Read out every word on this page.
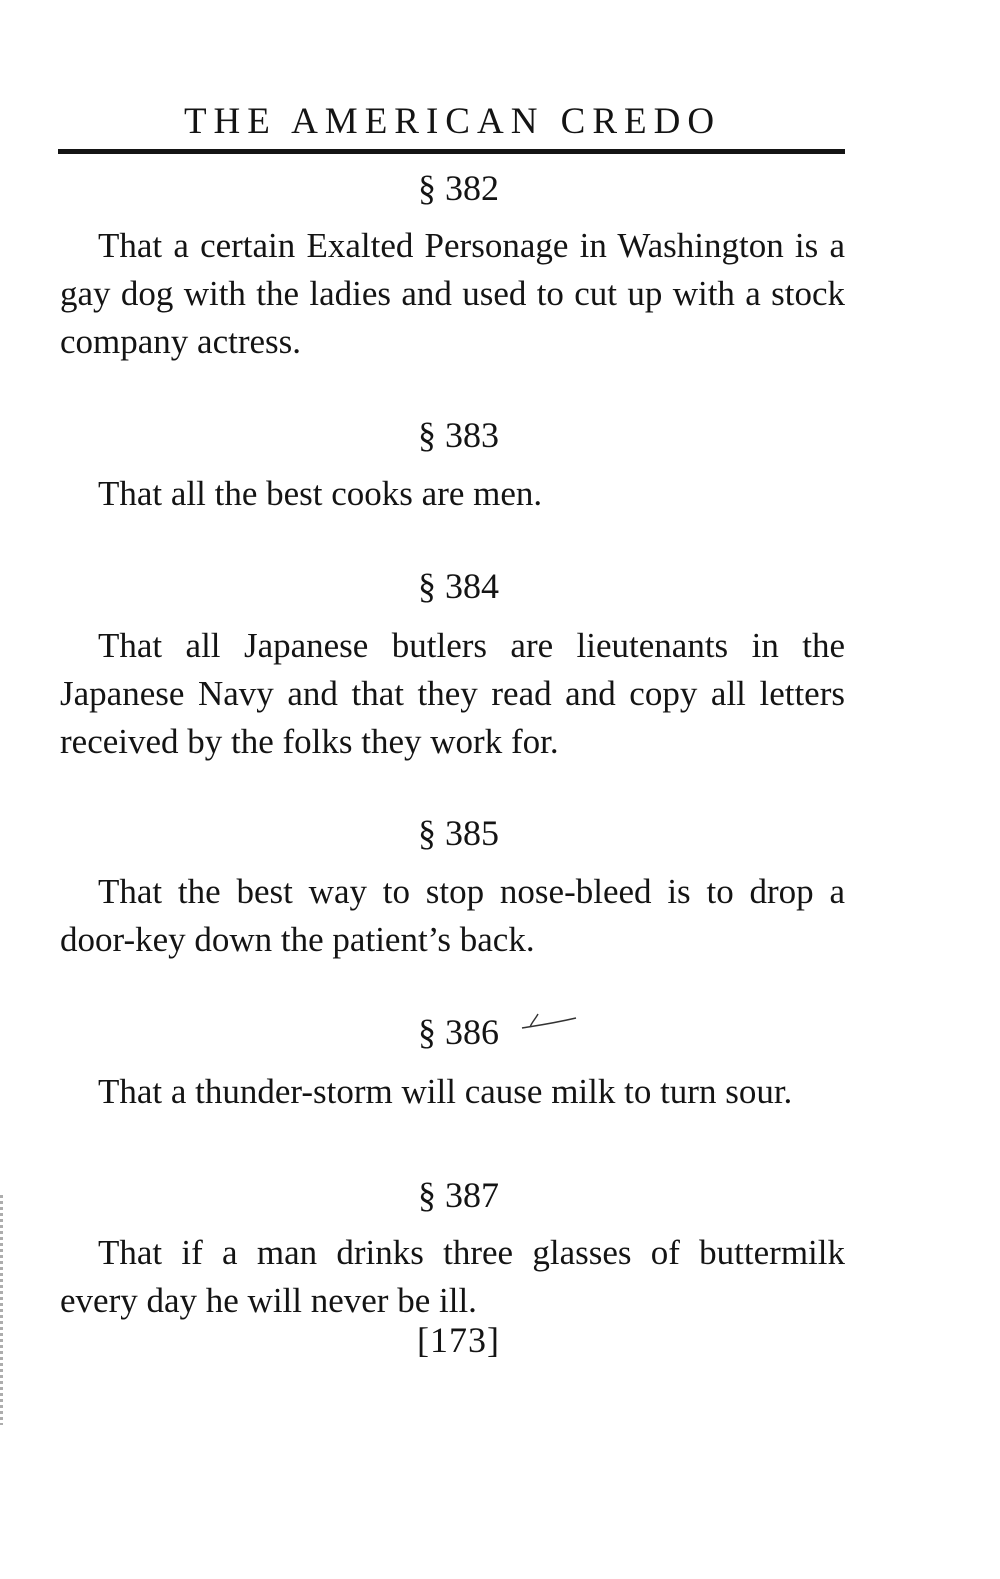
THE AMERICAN CREDO
§ 382
That a certain Exalted Personage in Washington is a gay dog with the ladies and used to cut up with a stock company actress.
§ 383
That all the best cooks are men.
§ 384
That all Japanese butlers are lieutenants in the Japanese Navy and that they read and copy all letters received by the folks they work for.
§ 385
That the best way to stop nose-bleed is to drop a door-key down the patient’s back.
§ 386
That a thunder-storm will cause milk to turn sour.
§ 387
That if a man drinks three glasses of buttermilk every day he will never be ill.
[173]
